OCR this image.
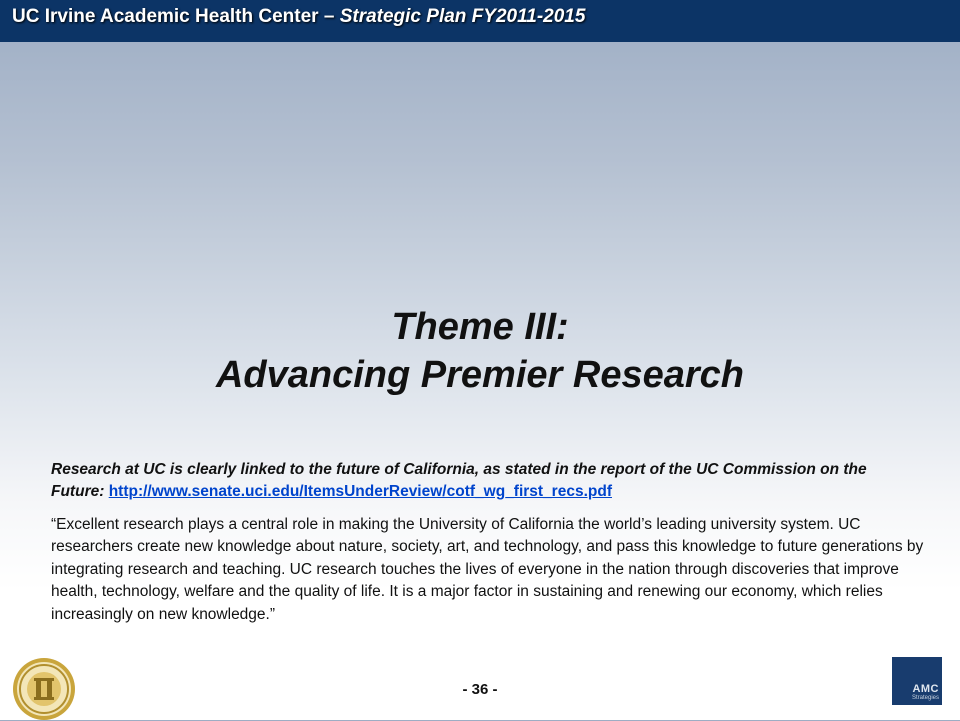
UC Irvine Academic Health Center – Strategic Plan FY2011-2015
Theme III:
Advancing Premier Research
Research at UC is clearly linked to the future of California, as stated in the report of the UC Commission on the Future: http://www.senate.uci.edu/ItemsUnderReview/cotf_wg_first_recs.pdf
“Excellent research plays a central role in making the University of California the world’s leading university system. UC researchers create new knowledge about nature, society, art, and technology, and pass this knowledge to future generations by integrating research and teaching. UC research touches the lives of everyone in the nation through discoveries that improve health, technology, welfare and the quality of life. It is a major factor in sustaining and renewing our economy, which relies increasingly on new knowledge.”
- 36 -	AMC
Strategies
